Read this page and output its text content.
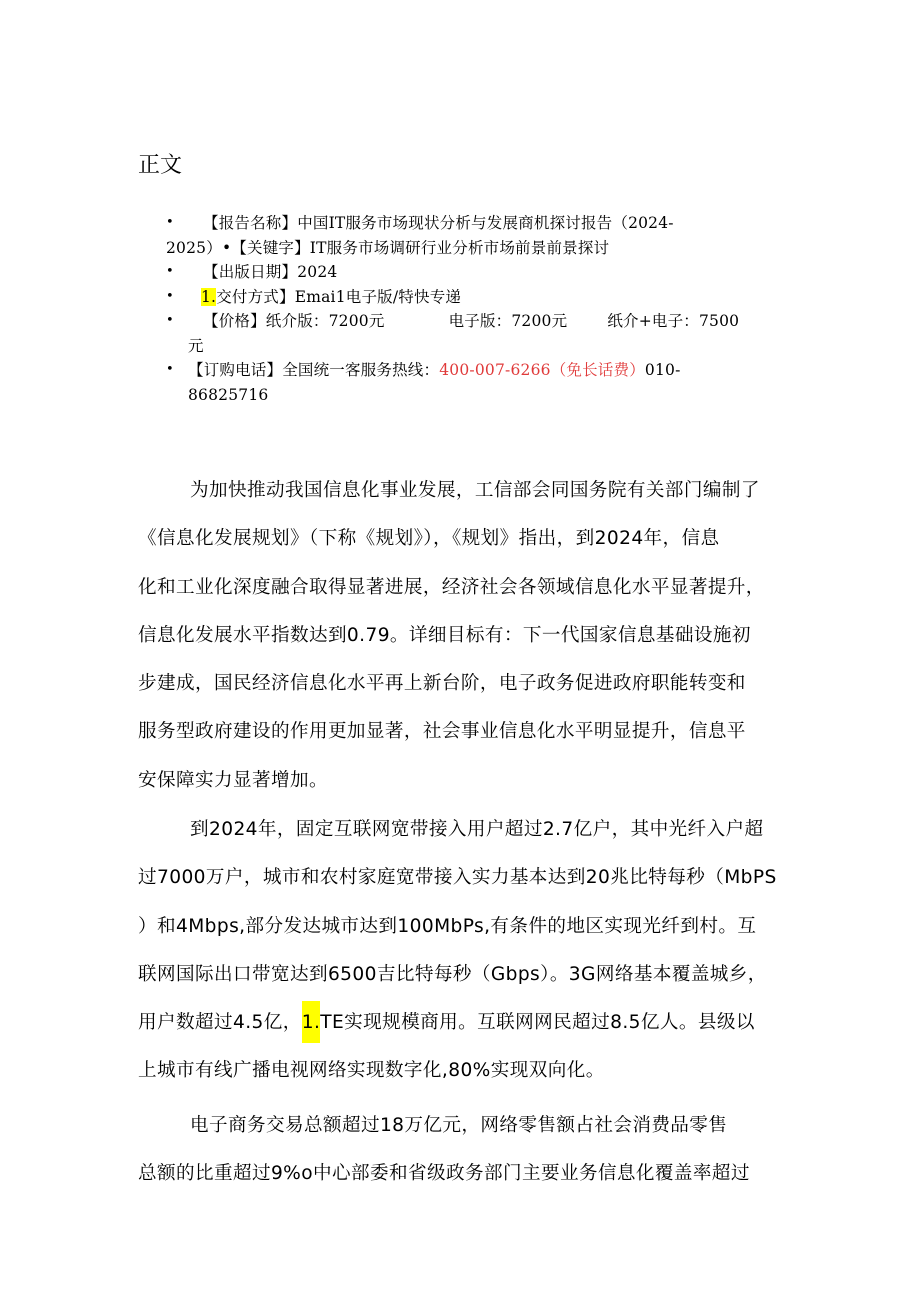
正文
• 【报告名称】中国IT服务市场现状分析与发展商机探讨报告（2024-
2025）•【关键字】IT服务市场调研行业分析市场前景前景探讨
• 【出版日期】2024
• 1.交付方式】Emai1电子版/特快专递
• 【价格】纸介版：7200元	电子版：7200元	纸介+电子：7500
元
• 【订购电话】全国统一客服务热线：400-007-6266（免长话费）010-
86825716

为加快推动我国信息化事业发展，工信部会同国务院有关部门编制了
《信息化发展规划》（下称《规划》），《规划》指出，到2024年，信息
化和工业化深度融合取得显著进展，经济社会各领域信息化水平显著提升，
信息化发展水平指数达到0.79。详细目标有：下一代国家信息基础设施初
步建成，国民经济信息化水平再上新台阶，电子政务促进政府职能转变和
服务型政府建设的作用更加显著，社会事业信息化水平明显提升，信息平
安保障实力显著增加。

到2024年，固定互联网宽带接入用户超过2.7亿户，其中光纤入户超
过7000万户，城市和农村家庭宽带接入实力基本达到20兆比特每秒（MbPS
）和4Mbps,部分发达城市达到100MbPs,有条件的地区实现光纤到村。互
联网国际出口带宽达到6500吉比特每秒（Gbps）。3G网络基本覆盖城乡，
用户数超过4.5亿，1.TE实现规模商用。互联网网民超过8.5亿人。县级以
上城市有线广播电视网络实现数字化,80%实现双向化。

电子商务交易总额超过18万亿元，网络零售额占社会消费品零售
总额的比重超过9%o中心部委和省级政务部门主要业务信息化覆盖率超过
